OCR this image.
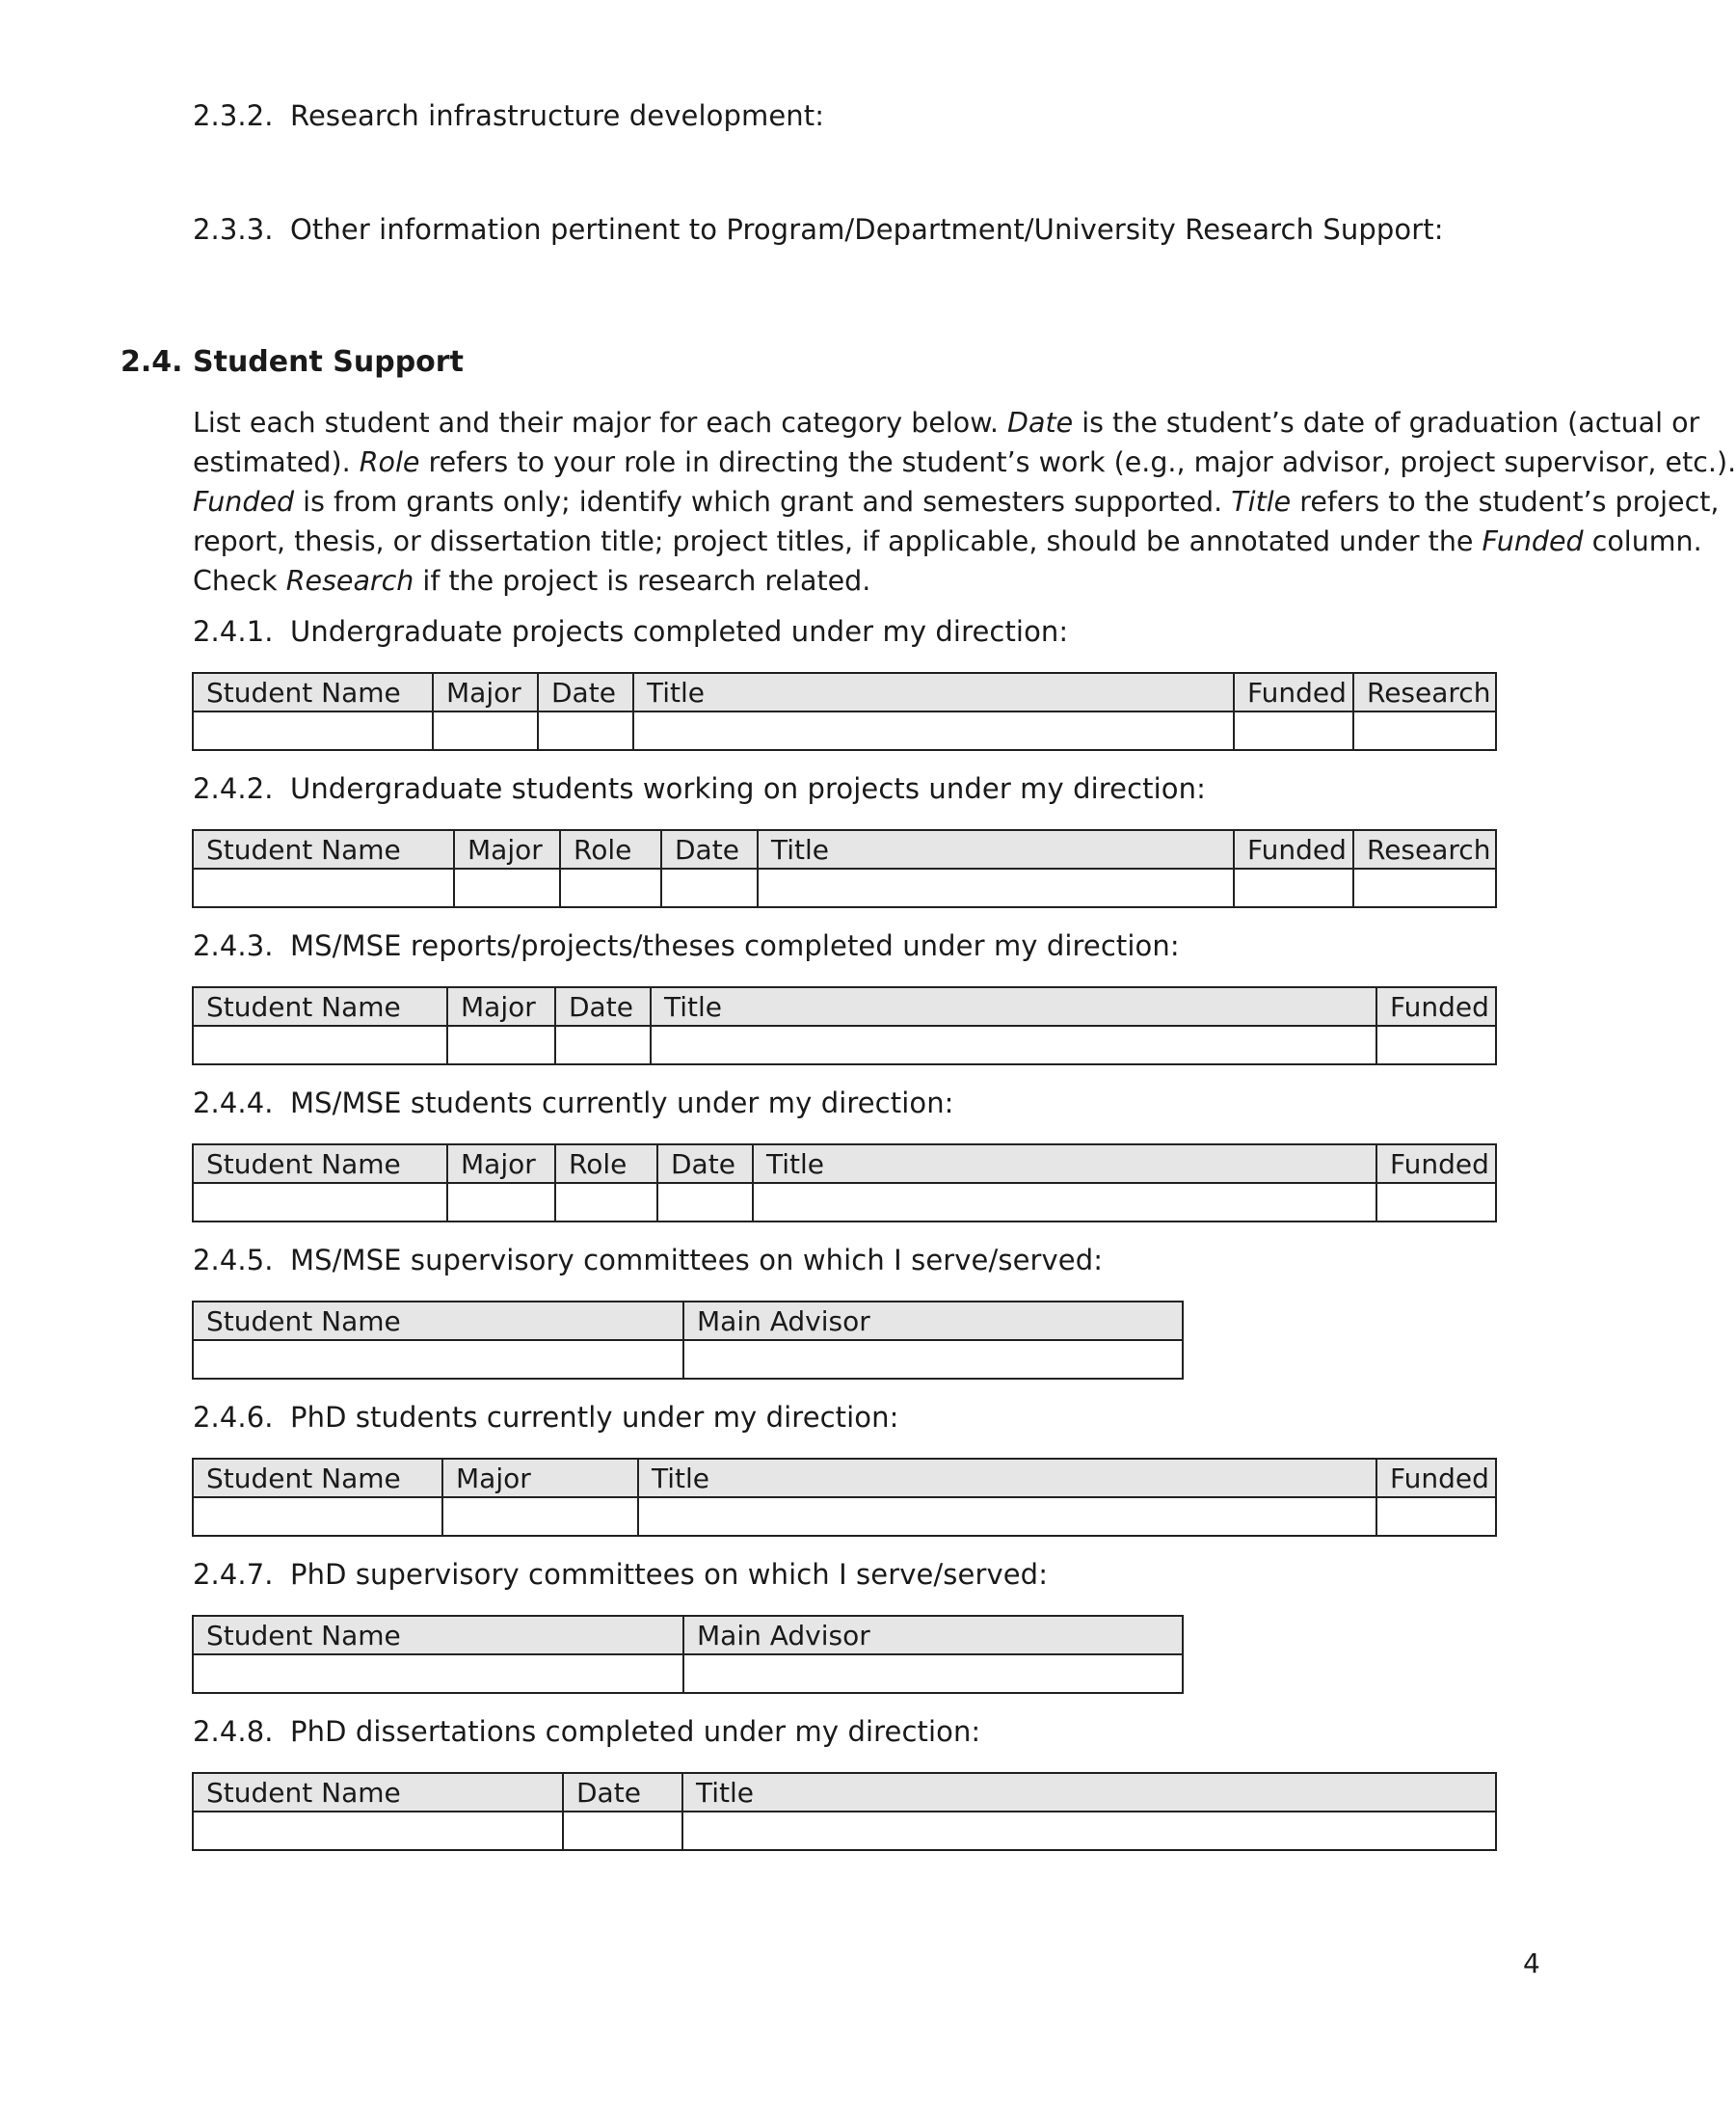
2.3.2. Research infrastructure development:
2.3.3. Other information pertinent to Program/Department/University Research Support:
2.4. Student Support

List each student and their major for each category below. Date is the student’s date of graduation (actual or

estimated). Role refers to your role in directing the student’s work (e.g., major advisor, project supervisor, etc.).

Funded is from grants only; identify which grant and semesters supported. Title refers to the student’s project,

report, thesis, or dissertation title; project titles, if applicable, should be annotated under the Funded column.

Check Research if the project is research related.

2.4.1. Undergraduate projects completed under my direction:
Student Name	Major	Date	Title	Funded	Research

2.4.2. Undergraduate students working on projects under my direction:
Student Name	Major	Role	Date	Title	Funded	Research

2.4.3. MS/MSE reports/projects/theses completed under my direction:
Student Name	Major	Date	Title	Funded

2.4.4. MS/MSE students currently under my direction:
Student Name	Major	Role	Date	Title	Funded

2.4.5. MS/MSE supervisory committees on which I serve/served:
Student Name	Main Advisor

2.4.6. PhD students currently under my direction:
Student Name	Major	Title	Funded

2.4.7. PhD supervisory committees on which I serve/served:
Student Name	Main Advisor

2.4.8. PhD dissertations completed under my direction:
Student Name	Date	Title

4
